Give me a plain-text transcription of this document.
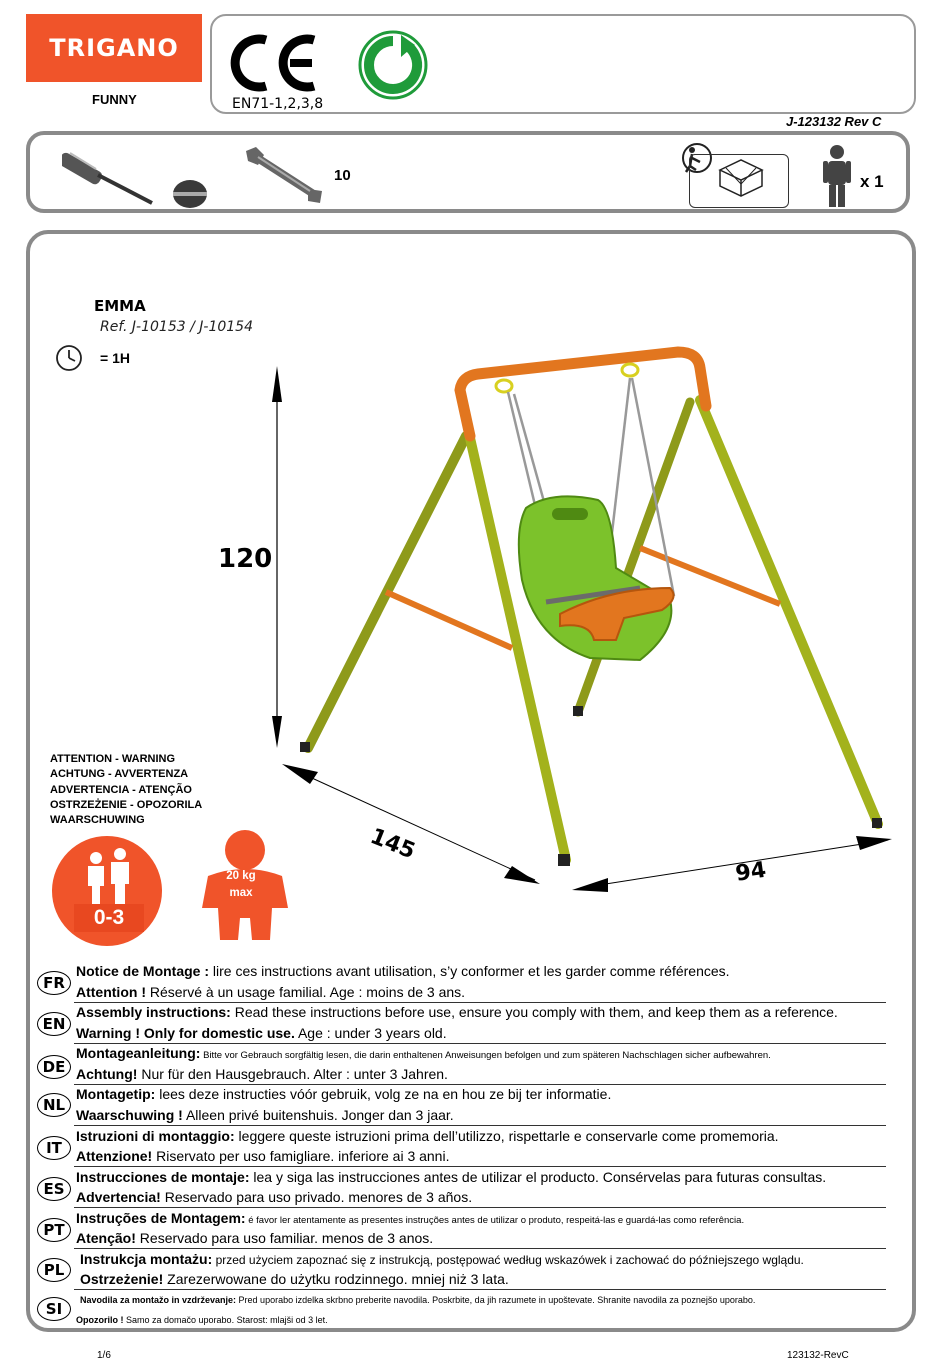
TRIGANO
FUNNY	EN71-1,2,3,8
J-123132 Rev C
10	x 1
EMMA
Ref. J-10153 / J-10154
= 1H
120
145
94
ATTENTION - WARNING
ACHTUNG - AVVERTENZA
ADVERTENCIA - ATENÇÃO
OSTRZEŻENIE - OPOZORILA
WAARSCHUWING
0-3
20 kg
max
FR
Notice de Montage : lire ces instructions avant utilisation, s’y conformer et les garder comme références.
Attention ! Réservé à un usage familial. Age : moins de 3 ans.
EN
Assembly instructions: Read these instructions before use, ensure you comply with them, and keep them as a reference.
Warning ! Only for domestic use. Age : under 3 years old.
DE
Montageanleitung: Bitte vor Gebrauch sorgfältig lesen, die darin enthaltenen Anweisungen befolgen und zum späteren Nachschlagen sicher aufbewahren.
Achtung! Nur für den Hausgebrauch. Alter : unter 3 Jahren.
NL
Montagetip: lees deze instructies vóór gebruik, volg ze na en hou ze bij ter informatie.
Waarschuwing ! Alleen privé buitenshuis. Jonger dan 3 jaar.
IT
Istruzioni di montaggio: leggere queste istruzioni prima dell’utilizzo, rispettarle e conservarle come promemoria.
Attenzione! Riservato per uso famigliare. inferiore ai 3 anni.
ES
Instrucciones de montaje: lea y siga las instrucciones antes de utilizar el producto. Consérvelas para futuras consultas.
Advertencia! Reservado para uso privado. menores de 3 años.
PT
Instruções de Montagem: é favor ler atentamente as presentes instruções antes de utilizar o produto, respeitá-las e guardá-las como referência.
Atenção! Reservado para uso familiar. menos de 3 anos.
PL
Instrukcja montażu: przed użyciem zapoznać się z instrukcją, postępować według wskazówek i zachować do późniejszego wglądu.
Ostrzeżenie! Zarezerwowane do użytku rodzinnego. mniej niż 3 lata.
SI	Navodila za montažo in vzdrževanje: Pred uporabo izdelka skrbno preberite navodila. Poskrbite, da jih razumete in upoštevate. Shranite navodila za poznejšo uporabo.
Opozorilo ! Samo za domačo uporabo. Starost: mlajši od 3 let.
1/6	123132-RevC
